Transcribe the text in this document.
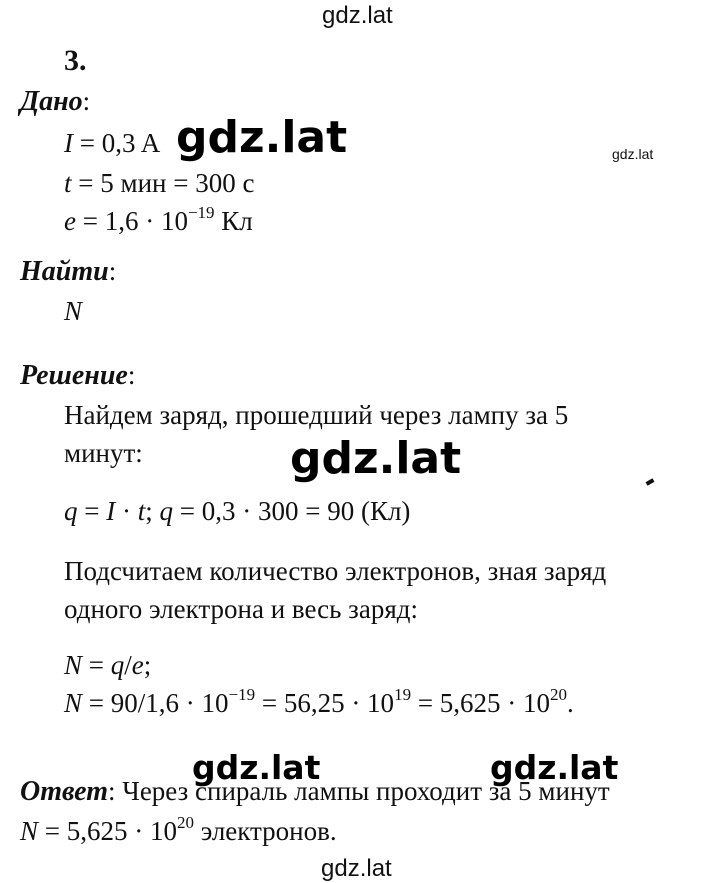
gdz.lat
gdz.lat	gdz.lat
gdz.lat
gdz.lat	gdz.lat
gdz.lat
3.
Дано:
I = 0,3 A
t = 5 мин = 300 с
$e = 1,6 \cdot 10^{-19}$ Кл
Найти:
N
Решение:
Найдем заряд, прошедший через лампу за 5
минут:
q = I · t; q = 0,3 · 300 = 90 (Кл)
Подсчитаем количество электронов, зная заряд
одного электрона и весь заряд:
N = q/e;
$N = 90/1,6 \cdot 10^{-19} = 56,25 \cdot 10^{19} = 5,625 \cdot 10^{20}$.
Ответ: Через спираль лампы проходит за 5 минут
$N = 5,625 \cdot 10^{20}$ электронов.
